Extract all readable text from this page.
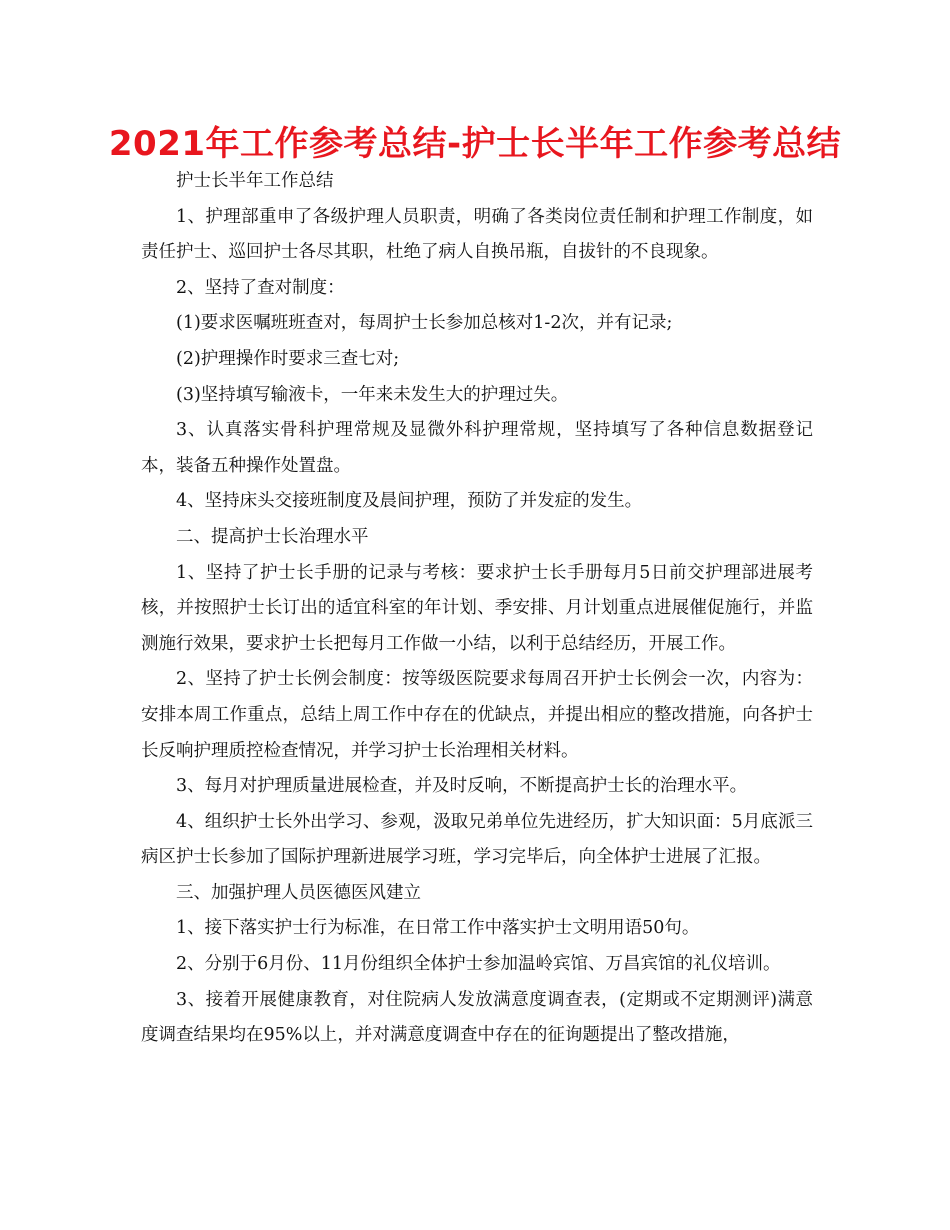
2021年工作参考总结-护士长半年工作参考总结

护士长半年工作总结

1、护理部重申了各级护理人员职责，明确了各类岗位责任制和护理工作制度，如责任护士、巡回护士各尽其职，杜绝了病人自换吊瓶，自拔针的不良现象。

2、坚持了查对制度：

(1)要求医嘱班班查对，每周护士长参加总核对1-2次，并有记录;

(2)护理操作时要求三查七对;

(3)坚持填写输液卡，一年来未发生大的护理过失。

3、认真落实骨科护理常规及显微外科护理常规，坚持填写了各种信息数据登记本，装备五种操作处置盘。

4、坚持床头交接班制度及晨间护理，预防了并发症的发生。

二、提高护士长治理水平

1、坚持了护士长手册的记录与考核：要求护士长手册每月5日前交护理部进展考核，并按照护士长订出的适宜科室的年计划、季安排、月计划重点进展催促施行，并监测施行效果，要求护士长把每月工作做一小结，以利于总结经历，开展工作。

2、坚持了护士长例会制度：按等级医院要求每周召开护士长例会一次，内容为：安排本周工作重点，总结上周工作中存在的优缺点，并提出相应的整改措施，向各护士长反响护理质控检查情况，并学习护士长治理相关材料。

3、每月对护理质量进展检查，并及时反响，不断提高护士长的治理水平。

4、组织护士长外出学习、参观，汲取兄弟单位先进经历，扩大知识面：5月底派三病区护士长参加了国际护理新进展学习班，学习完毕后，向全体护士进展了汇报。

三、加强护理人员医德医风建立

1、接下落实护士行为标准，在日常工作中落实护士文明用语50句。

2、分别于6月份、11月份组织全体护士参加温岭宾馆、万昌宾馆的礼仪培训。

3、接着开展健康教育，对住院病人发放满意度调查表，(定期或不定期测评)满意度调查结果均在95%以上，并对满意度调查中存在的征询题提出了整改措施，
